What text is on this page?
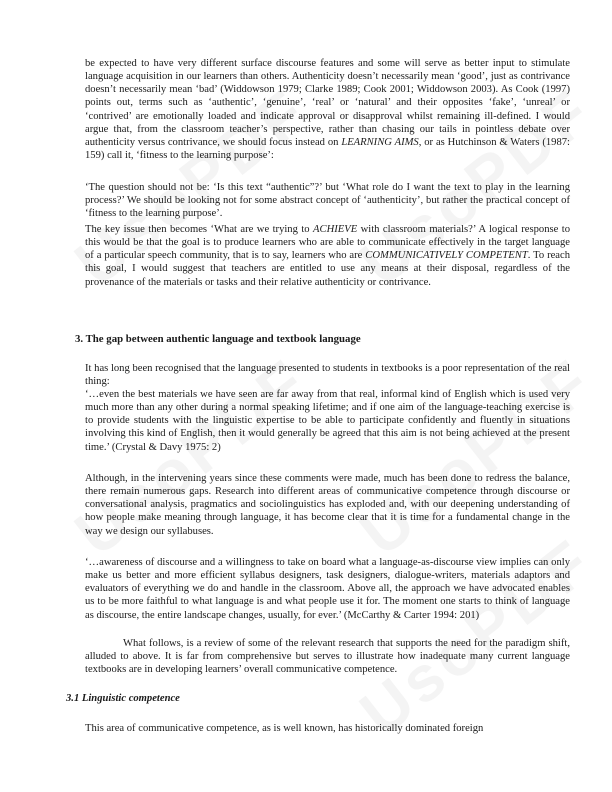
be expected to have very different surface discourse features and some will serve as better input to stimulate language acquisition in our learners than others. Authenticity doesn’t necessarily mean ‘good’, just as contrivance doesn’t necessarily mean ‘bad’ (Widdowson 1979; Clarke 1989; Cook 2001; Widdowson 2003). As Cook (1997) points out, terms such as ‘authentic’, ‘genuine’, ‘real’ or ‘natural’ and their opposites ‘fake’, ‘unreal’ or ‘contrived’ are emotionally loaded and indicate approval or disapproval whilst remaining ill-defined. I would argue that, from the classroom teacher’s perspective, rather than chasing our tails in pointless debate over authenticity versus contrivance, we should focus instead on LEARNING AIMS, or as Hutchinson & Waters (1987: 159) call it, ‘fitness to the learning purpose’:

‘The question should not be: ‘Is this text “authentic”?’ but ‘What role do I want the text to play in the learning process?’ We should be looking not for some abstract concept of ‘authenticity’, but rather the practical concept of ‘fitness to the learning purpose’.

The key issue then becomes ‘What are we trying to ACHIEVE with classroom materials?’ A logical response to this would be that the goal is to produce learners who are able to communicate effectively in the target language of a particular speech community, that is to say, learners who are COMMUNICATIVELY COMPETENT. To reach this goal, I would suggest that teachers are entitled to use any means at their disposal, regardless of the provenance of the materials or tasks and their relative authenticity or contrivance.

3. The gap between authentic language and textbook language

It has long been recognised that the language presented to students in textbooks is a poor representation of the real thing:

‘…even the best materials we have seen are far away from that real, informal kind of English which is used very much more than any other during a normal speaking lifetime; and if one aim of the language-teaching exercise is to provide students with the linguistic expertise to be able to participate confidently and fluently in situations involving this kind of English, then it would generally be agreed that this aim is not being achieved at the present time.’ (Crystal & Davy 1975: 2)

Although, in the intervening years since these comments were made, much has been done to redress the balance, there remain numerous gaps. Research into different areas of communicative competence through discourse or conversational analysis, pragmatics and sociolinguistics has exploded and, with our deepening understanding of how people make meaning through language, it has become clear that it is time for a fundamental change in the way we design our syllabuses.

‘…awareness of discourse and a willingness to take on board what a language-as-discourse view implies can only make us better and more efficient syllabus designers, task designers, dialogue-writers, materials adaptors and evaluators of everything we do and handle in the classroom. Above all, the approach we have advocated enables us to be more faithful to what language is and what people use it for. The moment one starts to think of language as discourse, the entire landscape changes, usually, for ever.’ (McCarthy & Carter 1994: 201)

What follows, is a review of some of the relevant research that supports the need for the paradigm shift, alluded to above. It is far from comprehensive but serves to illustrate how inadequate many current language textbooks are in developing learners’ overall communicative competence.

3.1 Linguistic competence

This area of communicative competence, as is well known, has historically dominated foreign
